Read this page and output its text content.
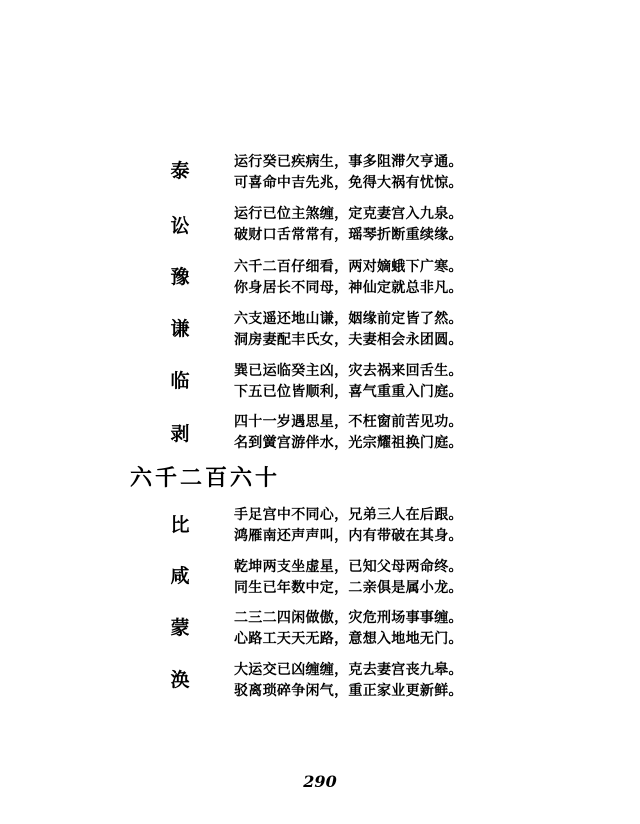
泰
讼
豫
谦
临
剥
运行癸已疾病生，事多阻滞欠亨通。
可喜命中吉先兆，免得大祸有忧惊。
运行已位主煞缠，定克妻宫入九泉。
破财口舌常常有，瑶琴折断重续缘。
六千二百仔细看，两对嫡蛾下广寒。
你身居长不同母，神仙定就总非凡。
六支遥还地山谦，姻缘前定皆了然。
洞房妻配丰氏女，夫妻相会永团圆。
巽已运临癸主凶，灾去祸来回舌生。
下五已位皆顺利，喜气重重入门庭。
四十一岁遇思星，不枉窗前苦见功。
名到黉宫游伴水，光宗耀祖换门庭。
六千二百六十
比
咸
蒙
涣
手足宫中不同心，兄弟三人在后跟。
鸿雁南还声声叫，内有带破在其身。
乾坤两支坐虚星，已知父母两命终。
同生已年数中定，二亲俱是属小龙。
二三二四闲做傲，灾危刑场事事缠。
心路工天天无路，意想入地地无门。
大运交已凶缠缠，克去妻宫丧九皋。
驳离琐碎争闲气，重正家业更新鲜。
290
